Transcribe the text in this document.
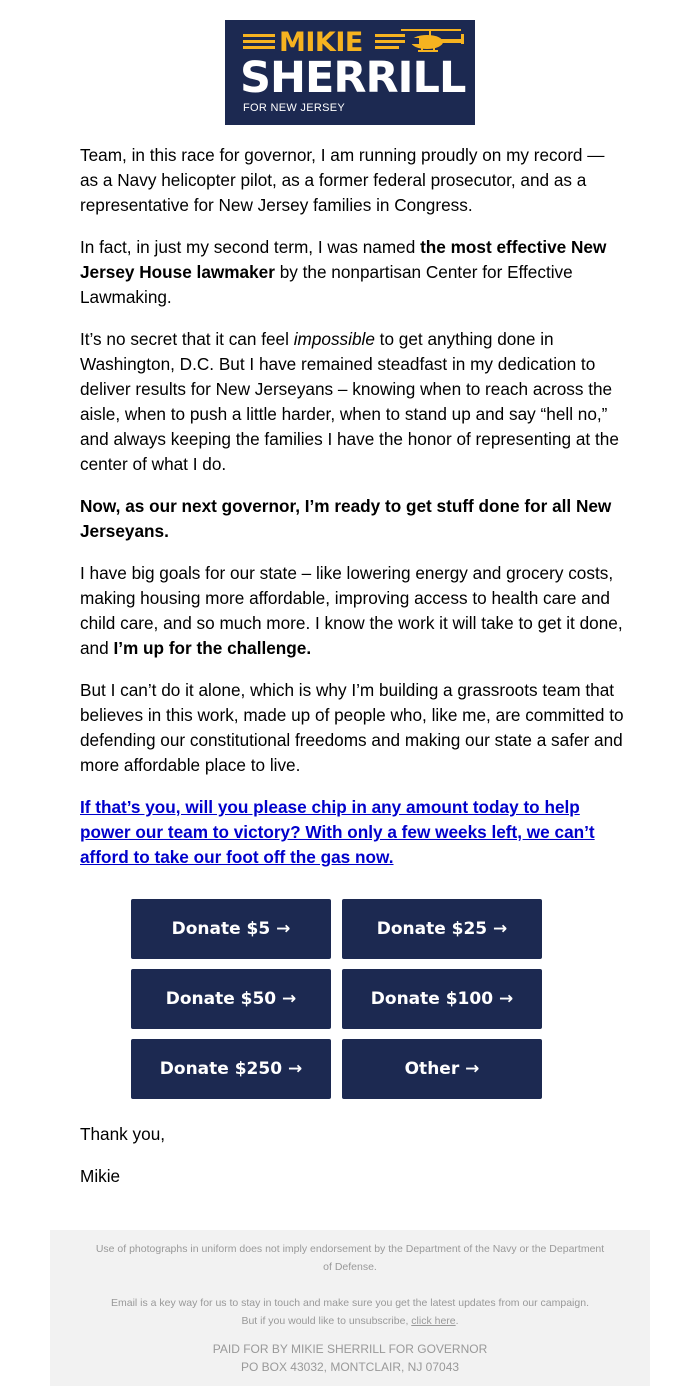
MIKIE
SHERRILL
FOR NEW JERSEY

Team, in this race for governor, I am running proudly on my record — as a Navy helicopter pilot, as a former federal prosecutor, and as a representative for New Jersey families in Congress.

In fact, in just my second term, I was named the most effective New Jersey House lawmaker by the nonpartisan Center for Effective Lawmaking.

It’s no secret that it can feel impossible to get anything done in Washington, D.C. But I have remained steadfast in my dedication to deliver results for New Jerseyans – knowing when to reach across the aisle, when to push a little harder, when to stand up and say “hell no,” and always keeping the families I have the honor of representing at the center of what I do.

Now, as our next governor, I’m ready to get stuff done for all New Jerseyans.

I have big goals for our state – like lowering energy and grocery costs, making housing more affordable, improving access to health care and child care, and so much more. I know the work it will take to get it done, and I’m up for the challenge.

But I can’t do it alone, which is why I’m building a grassroots team that believes in this work, made up of people who, like me, are committed to defending our constitutional freedoms and making our state a safer and more affordable place to live.

If that’s you, will you please chip in any amount today to help power our team to victory? With only a few weeks left, we can’t afford to take our foot off the gas now.

Donate $5 →	Donate $25 →
Donate $50 →	Donate $100 →
Donate $250 →	Other →

Thank you,

Mikie

Use of photographs in uniform does not imply endorsement by the Department of the Navy or the Department of Defense.

Email is a key way for us to stay in touch and make sure you get the latest updates from our campaign.

But if you would like to unsubscribe, click here.

PAID FOR BY MIKIE SHERRILL FOR GOVERNOR
PO BOX 43032, MONTCLAIR, NJ 07043
